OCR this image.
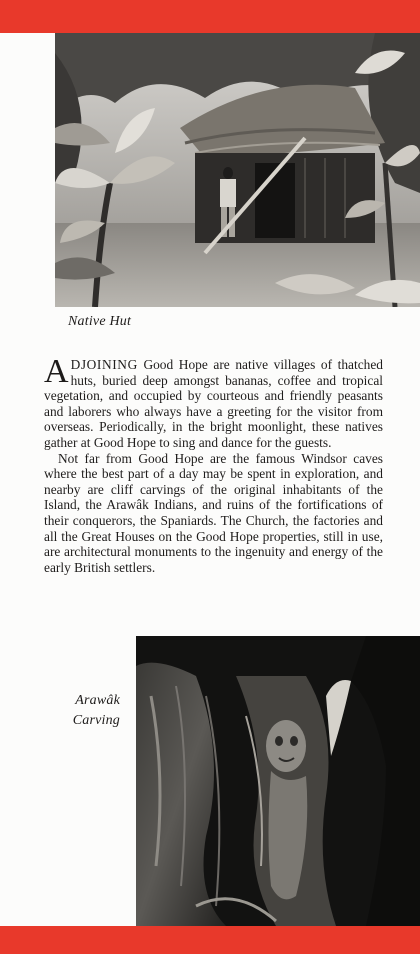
Native Hut

ADJOINING Good Hope are native villages of thatched huts, buried deep amongst bananas, coffee and tropical vegetation, and occupied by courteous and friendly peasants and laborers who always have a greeting for the visitor from overseas. Periodically, in the bright moonlight, these natives gather at Good Hope to sing and dance for the guests.

Not far from Good Hope are the famous Windsor caves where the best part of a day may be spent in exploration, and nearby are cliff carvings of the original inhabitants of the Island, the Arawâk Indians, and ruins of the fortifications of their conquerors, the Spaniards. The Church, the factories and all the Great Houses on the Good Hope properties, still in use, are architectural monuments to the ingenuity and energy of the early British settlers.

Arawâk
Carving
